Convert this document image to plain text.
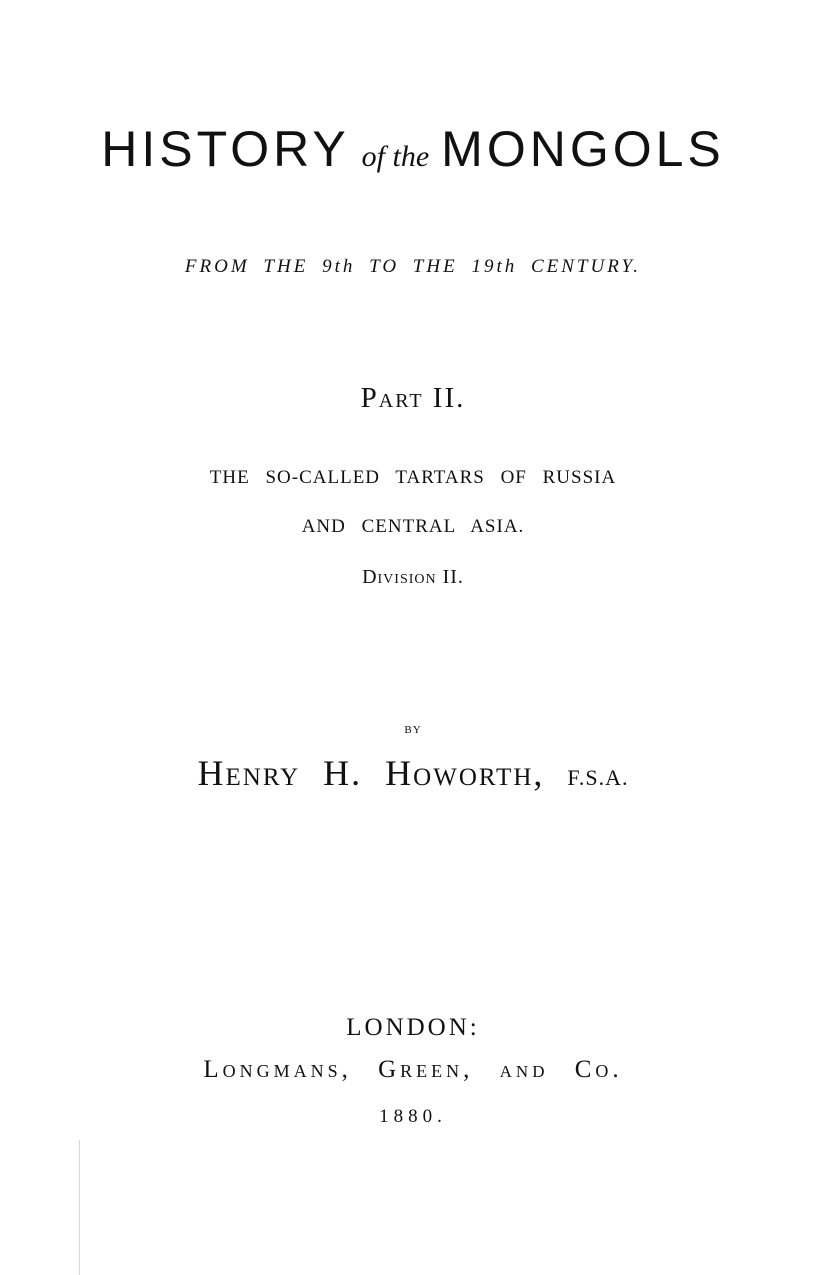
HISTORY of the MONGOLS
FROM THE 9th TO THE 19th CENTURY.
Part II.
THE SO-CALLED TARTARS OF RUSSIA
AND CENTRAL ASIA.
Division II.
BY
Henry H. Howorth, F.S.A.
LONDON:
Longmans, Green, AND Co.
1880.
